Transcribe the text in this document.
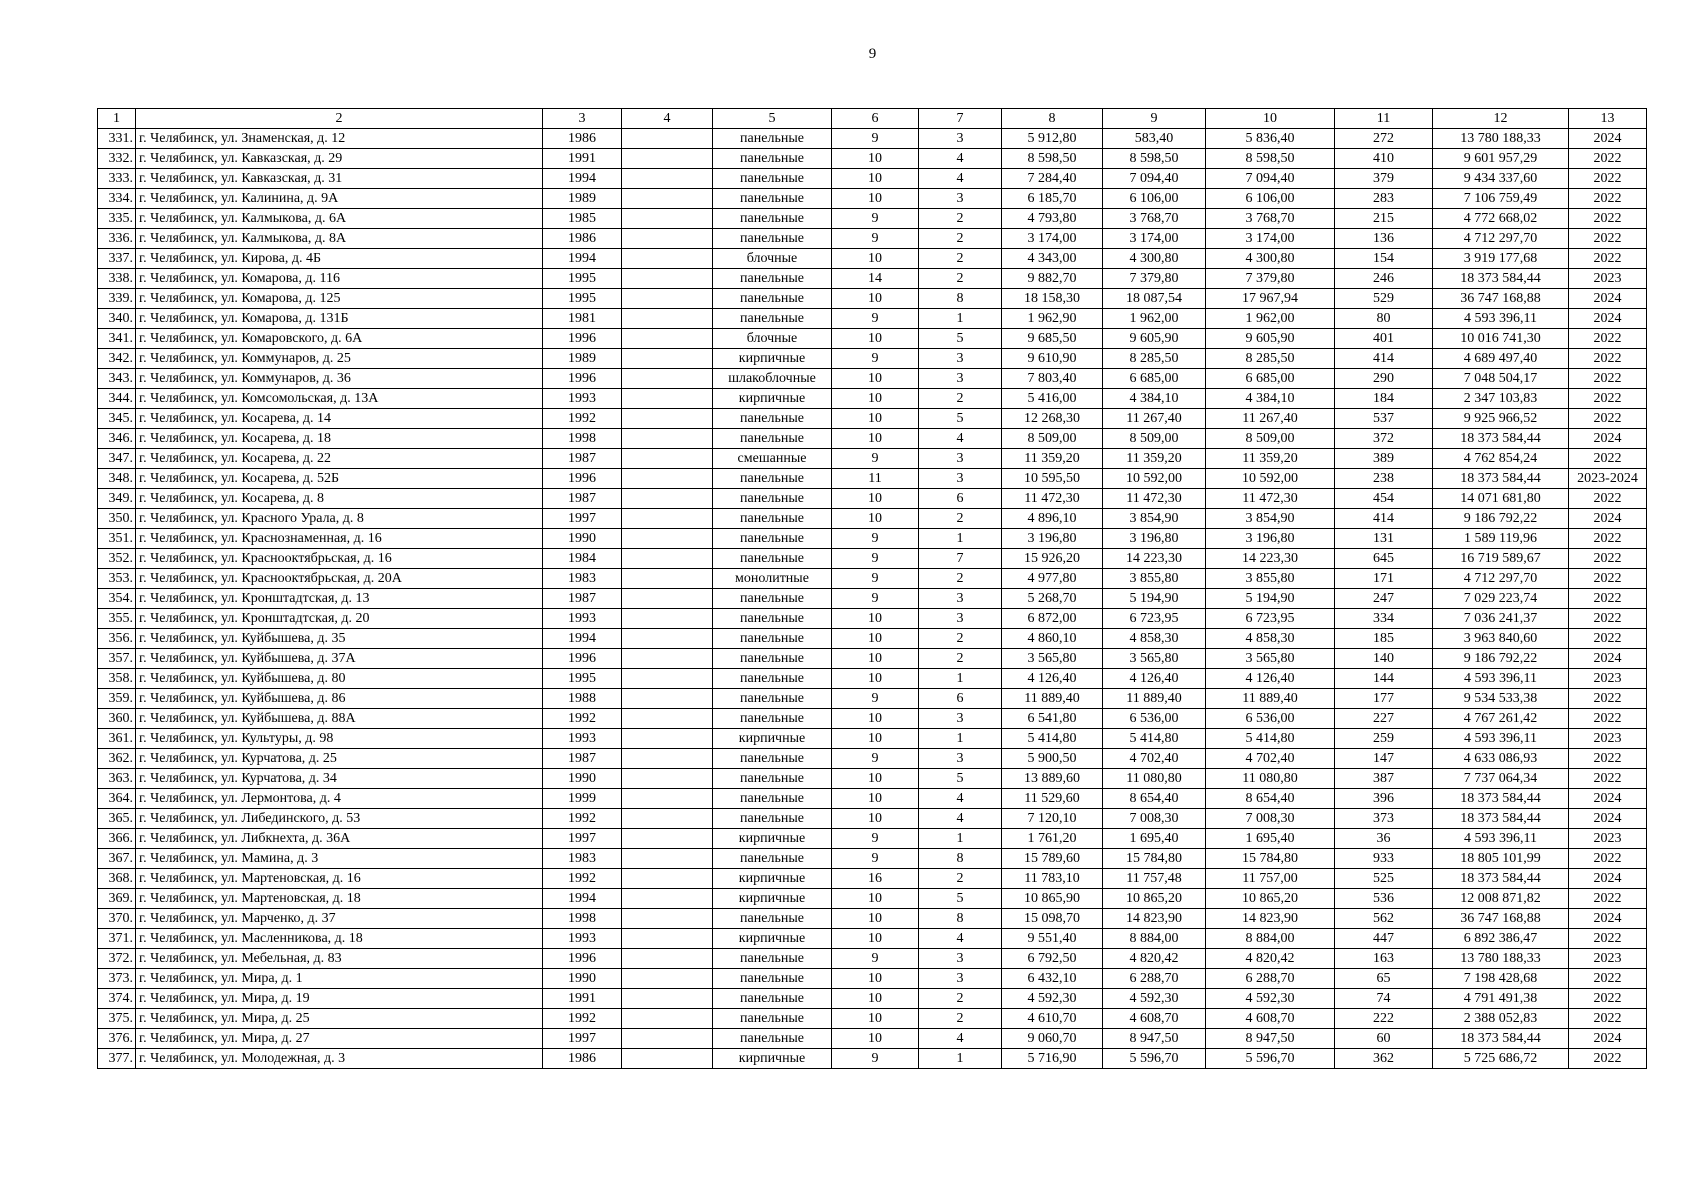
9
1	2	3	4	5	6	7	8	9	10	11	12	13
331.	г. Челябинск, ул. Знаменская, д. 12	1986		панельные	9	3	5 912,80	583,40	5 836,40	272	13 780 188,33	2024
332.	г. Челябинск, ул. Кавказская, д. 29	1991		панельные	10	4	8 598,50	8 598,50	8 598,50	410	9 601 957,29	2022
333.	г. Челябинск, ул. Кавказская, д. 31	1994		панельные	10	4	7 284,40	7 094,40	7 094,40	379	9 434 337,60	2022
334.	г. Челябинск, ул. Калинина, д. 9А	1989		панельные	10	3	6 185,70	6 106,00	6 106,00	283	7 106 759,49	2022
335.	г. Челябинск, ул. Калмыкова, д. 6А	1985		панельные	9	2	4 793,80	3 768,70	3 768,70	215	4 772 668,02	2022
336.	г. Челябинск, ул. Калмыкова, д. 8А	1986		панельные	9	2	3 174,00	3 174,00	3 174,00	136	4 712 297,70	2022
337.	г. Челябинск, ул. Кирова, д. 4Б	1994		блочные	10	2	4 343,00	4 300,80	4 300,80	154	3 919 177,68	2022
338.	г. Челябинск, ул. Комарова, д. 116	1995		панельные	14	2	9 882,70	7 379,80	7 379,80	246	18 373 584,44	2023
339.	г. Челябинск, ул. Комарова, д. 125	1995		панельные	10	8	18 158,30	18 087,54	17 967,94	529	36 747 168,88	2024
340.	г. Челябинск, ул. Комарова, д. 131Б	1981		панельные	9	1	1 962,90	1 962,00	1 962,00	80	4 593 396,11	2024
341.	г. Челябинск, ул. Комаровского, д. 6А	1996		блочные	10	5	9 685,50	9 605,90	9 605,90	401	10 016 741,30	2022
342.	г. Челябинск, ул. Коммунаров, д. 25	1989		кирпичные	9	3	9 610,90	8 285,50	8 285,50	414	4 689 497,40	2022
343.	г. Челябинск, ул. Коммунаров, д. 36	1996		шлакоблочные	10	3	7 803,40	6 685,00	6 685,00	290	7 048 504,17	2022
344.	г. Челябинск, ул. Комсомольская, д. 13А	1993		кирпичные	10	2	5 416,00	4 384,10	4 384,10	184	2 347 103,83	2022
345.	г. Челябинск, ул. Косарева, д. 14	1992		панельные	10	5	12 268,30	11 267,40	11 267,40	537	9 925 966,52	2022
346.	г. Челябинск, ул. Косарева, д. 18	1998		панельные	10	4	8 509,00	8 509,00	8 509,00	372	18 373 584,44	2024
347.	г. Челябинск, ул. Косарева, д. 22	1987		смешанные	9	3	11 359,20	11 359,20	11 359,20	389	4 762 854,24	2022
348.	г. Челябинск, ул. Косарева, д. 52Б	1996		панельные	11	3	10 595,50	10 592,00	10 592,00	238	18 373 584,44	2023-2024
349.	г. Челябинск, ул. Косарева, д. 8	1987		панельные	10	6	11 472,30	11 472,30	11 472,30	454	14 071 681,80	2022
350.	г. Челябинск, ул. Красного Урала, д. 8	1997		панельные	10	2	4 896,10	3 854,90	3 854,90	414	9 186 792,22	2024
351.	г. Челябинск, ул. Краснознаменная, д. 16	1990		панельные	9	1	3 196,80	3 196,80	3 196,80	131	1 589 119,96	2022
352.	г. Челябинск, ул. Краснооктябрьская, д. 16	1984		панельные	9	7	15 926,20	14 223,30	14 223,30	645	16 719 589,67	2022
353.	г. Челябинск, ул. Краснооктябрьская, д. 20А	1983		монолитные	9	2	4 977,80	3 855,80	3 855,80	171	4 712 297,70	2022
354.	г. Челябинск, ул. Кронштадтская, д. 13	1987		панельные	9	3	5 268,70	5 194,90	5 194,90	247	7 029 223,74	2022
355.	г. Челябинск, ул. Кронштадтская, д. 20	1993		панельные	10	3	6 872,00	6 723,95	6 723,95	334	7 036 241,37	2022
356.	г. Челябинск, ул. Куйбышева, д. 35	1994		панельные	10	2	4 860,10	4 858,30	4 858,30	185	3 963 840,60	2022
357.	г. Челябинск, ул. Куйбышева, д. 37А	1996		панельные	10	2	3 565,80	3 565,80	3 565,80	140	9 186 792,22	2024
358.	г. Челябинск, ул. Куйбышева, д. 80	1995		панельные	10	1	4 126,40	4 126,40	4 126,40	144	4 593 396,11	2023
359.	г. Челябинск, ул. Куйбышева, д. 86	1988		панельные	9	6	11 889,40	11 889,40	11 889,40	177	9 534 533,38	2022
360.	г. Челябинск, ул. Куйбышева, д. 88А	1992		панельные	10	3	6 541,80	6 536,00	6 536,00	227	4 767 261,42	2022
361.	г. Челябинск, ул. Культуры, д. 98	1993		кирпичные	10	1	5 414,80	5 414,80	5 414,80	259	4 593 396,11	2023
362.	г. Челябинск, ул. Курчатова, д. 25	1987		панельные	9	3	5 900,50	4 702,40	4 702,40	147	4 633 086,93	2022
363.	г. Челябинск, ул. Курчатова, д. 34	1990		панельные	10	5	13 889,60	11 080,80	11 080,80	387	7 737 064,34	2022
364.	г. Челябинск, ул. Лермонтова, д. 4	1999		панельные	10	4	11 529,60	8 654,40	8 654,40	396	18 373 584,44	2024
365.	г. Челябинск, ул. Либединского, д. 53	1992		панельные	10	4	7 120,10	7 008,30	7 008,30	373	18 373 584,44	2024
366.	г. Челябинск, ул. Либкнехта, д. 36А	1997		кирпичные	9	1	1 761,20	1 695,40	1 695,40	36	4 593 396,11	2023
367.	г. Челябинск, ул. Мамина, д. 3	1983		панельные	9	8	15 789,60	15 784,80	15 784,80	933	18 805 101,99	2022
368.	г. Челябинск, ул. Мартеновская, д. 16	1992		кирпичные	16	2	11 783,10	11 757,48	11 757,00	525	18 373 584,44	2024
369.	г. Челябинск, ул. Мартеновская, д. 18	1994		кирпичные	10	5	10 865,90	10 865,20	10 865,20	536	12 008 871,82	2022
370.	г. Челябинск, ул. Марченко, д. 37	1998		панельные	10	8	15 098,70	14 823,90	14 823,90	562	36 747 168,88	2024
371.	г. Челябинск, ул. Масленникова, д. 18	1993		кирпичные	10	4	9 551,40	8 884,00	8 884,00	447	6 892 386,47	2022
372.	г. Челябинск, ул. Мебельная, д. 83	1996		панельные	9	3	6 792,50	4 820,42	4 820,42	163	13 780 188,33	2023
373.	г. Челябинск, ул. Мира, д. 1	1990		панельные	10	3	6 432,10	6 288,70	6 288,70	65	7 198 428,68	2022
374.	г. Челябинск, ул. Мира, д. 19	1991		панельные	10	2	4 592,30	4 592,30	4 592,30	74	4 791 491,38	2022
375.	г. Челябинск, ул. Мира, д. 25	1992		панельные	10	2	4 610,70	4 608,70	4 608,70	222	2 388 052,83	2022
376.	г. Челябинск, ул. Мира, д. 27	1997		панельные	10	4	9 060,70	8 947,50	8 947,50	60	18 373 584,44	2024
377.	г. Челябинск, ул. Молодежная, д. 3	1986		кирпичные	9	1	5 716,90	5 596,70	5 596,70	362	5 725 686,72	2022
